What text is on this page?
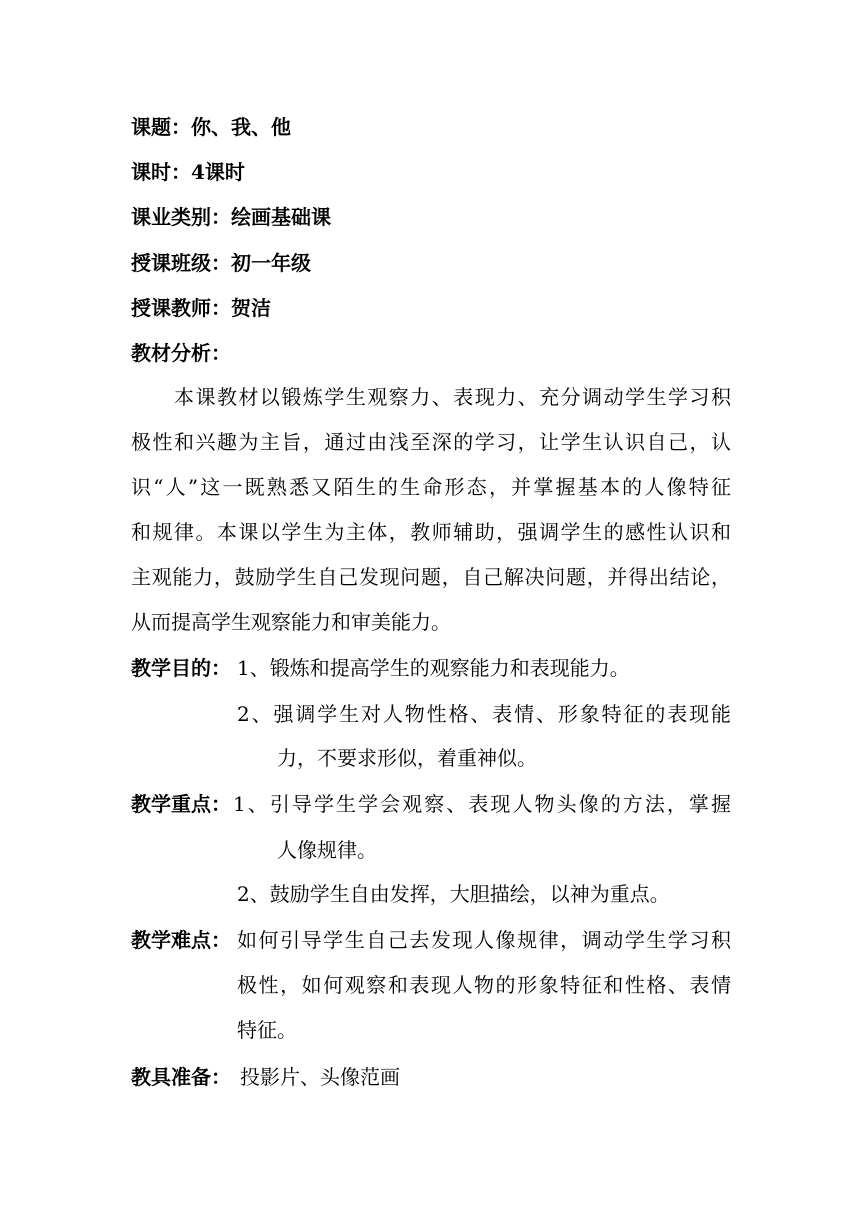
课题：你、我、他
课时：4课时
课业类别：绘画基础课
授课班级：初一年级
授课教师：贺洁
教材分析：
本课教材以锻炼学生观察力、表现力、充分调动学生学习积
极性和兴趣为主旨，通过由浅至深的学习，让学生认识自己，认
识“人”这一既熟悉又陌生的生命形态，并掌握基本的人像特征
和规律。本课以学生为主体，教师辅助，强调学生的感性认识和
主观能力，鼓励学生自己发现问题，自己解决问题，并得出结论，
从而提高学生观察能力和审美能力。
教学目的： 1、锻炼和提高学生的观察能力和表现能力。
2、强调学生对人物性格、表情、形象特征的表现能
力，不要求形似，着重神似。
教学重点： 1、引导学生学会观察、表现人物头像的方法，掌握
人像规律。
2、鼓励学生自由发挥，大胆描绘，以神为重点。
教学难点： 如何引导学生自己去发现人像规律，调动学生学习积
极性，如何观察和表现人物的形象特征和性格、表情
特征。
教具准备： 投影片、头像范画
